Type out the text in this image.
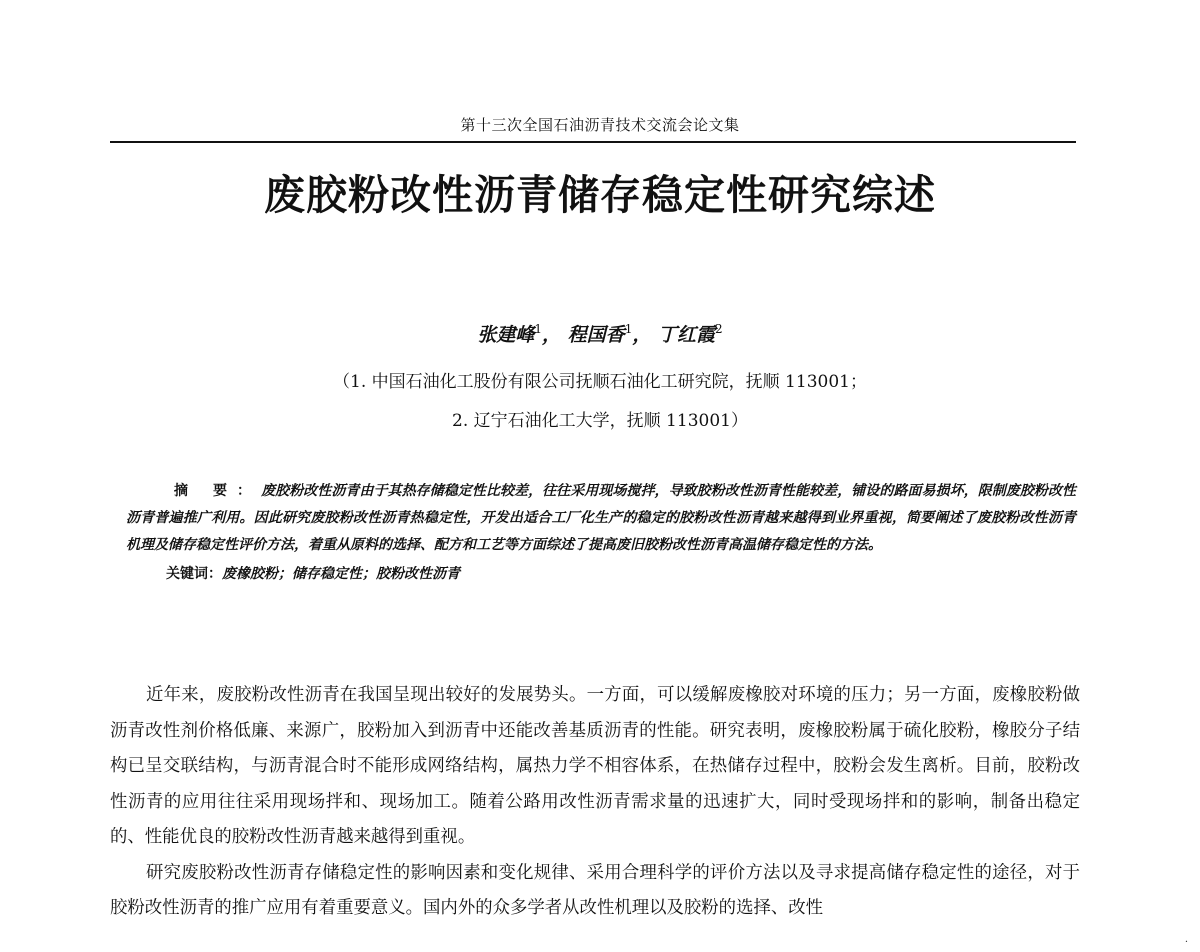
第十三次全国石油沥青技术交流会论文集
废胶粉改性沥青储存稳定性研究综述
张建峰$^1$， 程国香$^1$， 丁红霞$^2$
（1. 中国石油化工股份有限公司抚顺石油化工研究院，抚顺 113001；
2. 辽宁石油化工大学，抚顺 113001）

摘 要：废胶粉改性沥青由于其热存储稳定性比较差，往往采用现场搅拌，导致胶粉改性沥青性能较差，铺设的路面易损坏，限制废胶粉改性沥青普遍推广利用。因此研究废胶粉改性沥青热稳定性，开发出适合工厂化生产的稳定的胶粉改性沥青越来越得到业界重视，简要阐述了废胶粉改性沥青机理及储存稳定性评价方法，着重从原料的选择、配方和工艺等方面综述了提高废旧胶粉改性沥青高温储存稳定性的方法。

关键词：废橡胶粉；储存稳定性；胶粉改性沥青

近年来，废胶粉改性沥青在我国呈现出较好的发展势头。一方面，可以缓解废橡胶对环境的压力；另一方面，废橡胶粉做沥青改性剂价格低廉、来源广，胶粉加入到沥青中还能改善基质沥青的性能。研究表明，废橡胶粉属于硫化胶粉，橡胶分子结构已呈交联结构，与沥青混合时不能形成网络结构，属热力学不相容体系，在热储存过程中，胶粉会发生离析。目前，胶粉改性沥青的应用往往采用现场拌和、现场加工。随着公路用改性沥青需求量的迅速扩大，同时受现场拌和的影响，制备出稳定的、性能优良的胶粉改性沥青越来越得到重视。

研究废胶粉改性沥青存储稳定性的影响因素和变化规律、采用合理科学的评价方法以及寻求提高储存稳定性的途径，对于胶粉改性沥青的推广应用有着重要意义。国内外的众多学者从改性机理以及胶粉的选择、改性

·
